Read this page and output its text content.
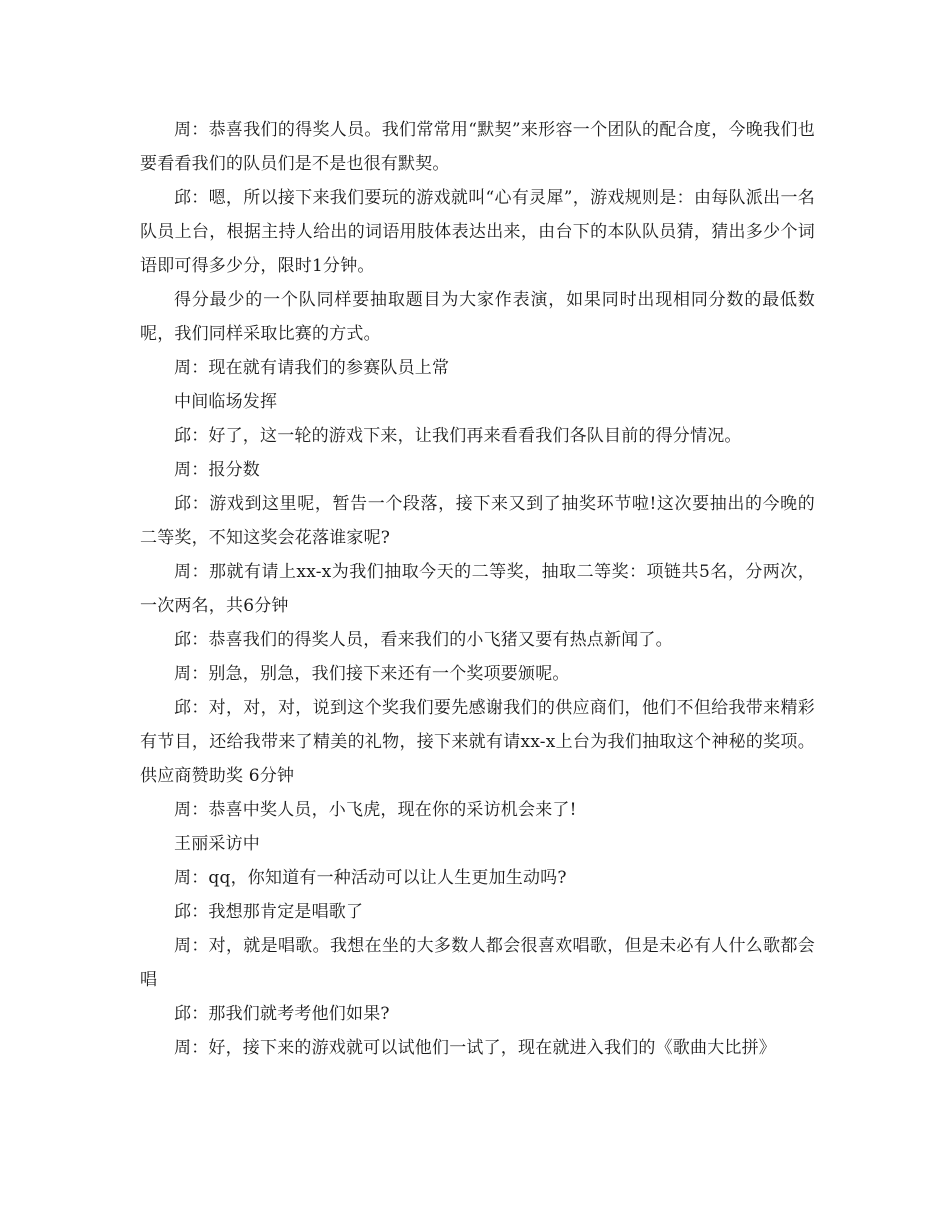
周：恭喜我们的得奖人员。我们常常用“默契”来形容一个团队的配合度，今晚我们也要看看我们的队员们是不是也很有默契。

邱：嗯，所以接下来我们要玩的游戏就叫“心有灵犀”，游戏规则是：由每队派出一名队员上台，根据主持人给出的词语用肢体表达出来，由台下的本队队员猜，猜出多少个词语即可得多少分，限时1分钟。

得分最少的一个队同样要抽取题目为大家作表演，如果同时出现相同分数的最低数呢，我们同样采取比赛的方式。

周：现在就有请我们的参赛队员上常

中间临场发挥

邱：好了，这一轮的游戏下来，让我们再来看看我们各队目前的得分情况。

周：报分数

邱：游戏到这里呢，暂告一个段落，接下来又到了抽奖环节啦!这次要抽出的今晚的二等奖，不知这奖会花落谁家呢?

周：那就有请上xx-x为我们抽取今天的二等奖，抽取二等奖：项链共5名，分两次，一次两名，共6分钟

邱：恭喜我们的得奖人员，看来我们的小飞猪又要有热点新闻了。

周：别急，别急，我们接下来还有一个奖项要颁呢。

邱：对，对，对，说到这个奖我们要先感谢我们的供应商们，他们不但给我带来精彩有节目，还给我带来了精美的礼物，接下来就有请xx-x上台为我们抽取这个神秘的奖项。供应商赞助奖 6分钟

周：恭喜中奖人员，小飞虎，现在你的采访机会来了!

王丽采访中

周：qq，你知道有一种活动可以让人生更加生动吗?

邱：我想那肯定是唱歌了

周：对，就是唱歌。我想在坐的大多数人都会很喜欢唱歌，但是未必有人什么歌都会唱

邱：那我们就考考他们如果?

周：好，接下来的游戏就可以试他们一试了，现在就进入我们的《歌曲大比拼》
